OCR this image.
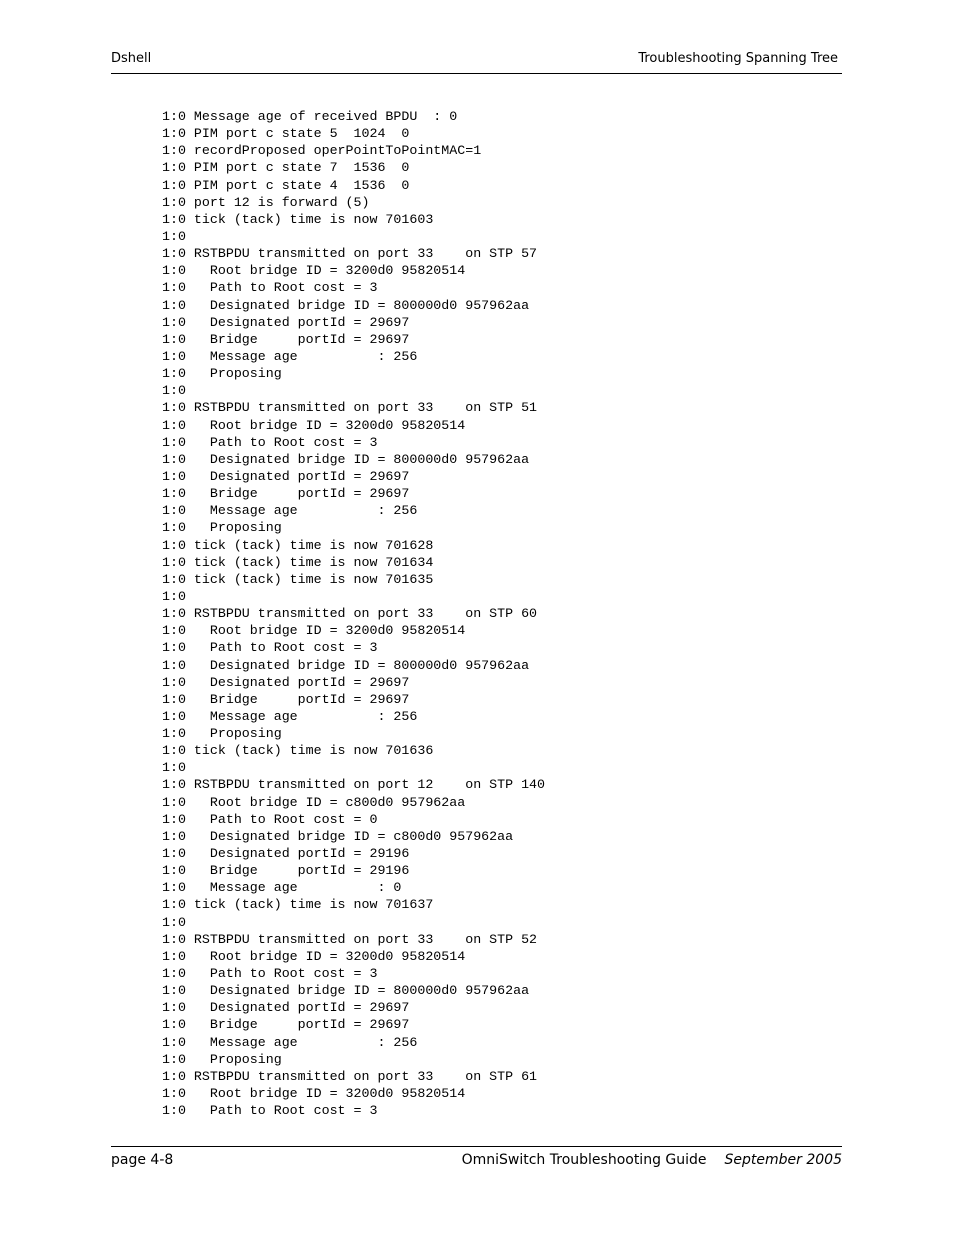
Dshell	Troubleshooting Spanning Tree
1:0 Message age of received BPDU  : 0
1:0 PIM port c state 5  1024  0
1:0 recordProposed operPointToPointMAC=1
1:0 PIM port c state 7  1536  0
1:0 PIM port c state 4  1536  0
1:0 port 12 is forward (5)
1:0 tick (tack) time is now 701603
1:0
1:0 RSTBPDU transmitted on port 33    on STP 57
1:0   Root bridge ID = 3200d0 95820514
1:0   Path to Root cost = 3
1:0   Designated bridge ID = 800000d0 957962aa
1:0   Designated portId = 29697
1:0   Bridge     portId = 29697
1:0   Message age          : 256
1:0   Proposing
1:0
1:0 RSTBPDU transmitted on port 33    on STP 51
1:0   Root bridge ID = 3200d0 95820514
1:0   Path to Root cost = 3
1:0   Designated bridge ID = 800000d0 957962aa
1:0   Designated portId = 29697
1:0   Bridge     portId = 29697
1:0   Message age          : 256
1:0   Proposing
1:0 tick (tack) time is now 701628
1:0 tick (tack) time is now 701634
1:0 tick (tack) time is now 701635
1:0
1:0 RSTBPDU transmitted on port 33    on STP 60
1:0   Root bridge ID = 3200d0 95820514
1:0   Path to Root cost = 3
1:0   Designated bridge ID = 800000d0 957962aa
1:0   Designated portId = 29697
1:0   Bridge     portId = 29697
1:0   Message age          : 256
1:0   Proposing
1:0 tick (tack) time is now 701636
1:0
1:0 RSTBPDU transmitted on port 12    on STP 140
1:0   Root bridge ID = c800d0 957962aa
1:0   Path to Root cost = 0
1:0   Designated bridge ID = c800d0 957962aa
1:0   Designated portId = 29196
1:0   Bridge     portId = 29196
1:0   Message age          : 0
1:0 tick (tack) time is now 701637
1:0
1:0 RSTBPDU transmitted on port 33    on STP 52
1:0   Root bridge ID = 3200d0 95820514
1:0   Path to Root cost = 3
1:0   Designated bridge ID = 800000d0 957962aa
1:0   Designated portId = 29697
1:0   Bridge     portId = 29697
1:0   Message age          : 256
1:0   Proposing
1:0 RSTBPDU transmitted on port 33    on STP 61
1:0   Root bridge ID = 3200d0 95820514
1:0   Path to Root cost = 3
page 4-8	OmniSwitch Troubleshooting Guide September 2005
